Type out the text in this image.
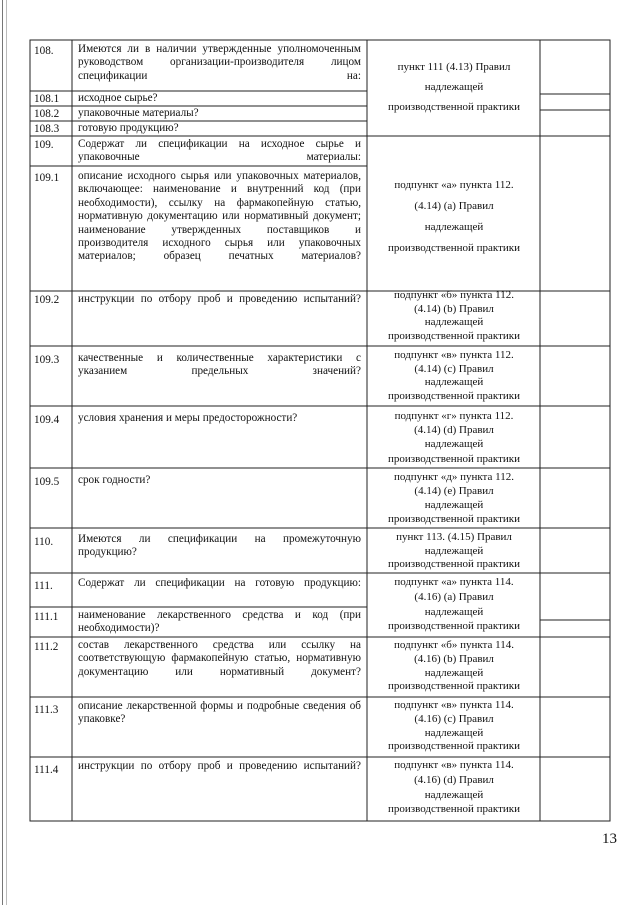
108.
108.1
108.2
108.3
109.
109.1
109.2
109.3
109.4
109.5
110.
111.
111.1
111.2
111.3
111.4
Имеются ли в наличии утвержденные уполномоченным руководством организации-производителя лицом спецификации на:
исходное сырье?
упаковочные материалы?
готовую продукцию?
Содержат ли спецификации на исходное сырье и упаковочные материалы:
описание исходного сырья или упаковочных материалов, включающее: наименование и внутренний код (при необходимости), ссылку на фармакопейную статью, нормативную документацию или нормативный документ; наименование утвержденных поставщиков и производителя исходного сырья или упаковочных материалов; образец печатных материалов?
инструкции по отбору проб и проведению испытаний?
качественные и количественные характеристики с указанием предельных значений?
условия хранения и меры предосторожности?
срок годности?
Имеются ли спецификации на промежуточную продукцию?
Содержат ли спецификации на готовую продукцию:
наименование лекарственного средства и код (при необходимости)?
состав лекарственного средства или ссылку на соответствующую фармакопейную статью, нормативную документацию или нормативный документ?
описание лекарственной формы и подробные сведения об упаковке?
инструкции по отбору проб и проведению испытаний?
пункт 111 (4.13) Правил
надлежащей
производственной практики
подпункт «а» пункта 112.
(4.14) (a) Правил
надлежащей
производственной практики
подпункт «б» пункта 112.
(4.14) (b) Правил
надлежащей
производственной практики
подпункт «в» пункта 112.
(4.14) (c) Правил
надлежащей
производственной практики
подпункт «г» пункта 112.
(4.14) (d) Правил
надлежащей
производственной практики
подпункт «д» пункта 112.
(4.14) (e) Правил
надлежащей
производственной практики
пункт 113. (4.15) Правил
надлежащей
производственной практики
подпункт «а» пункта 114.
(4.16) (a) Правил
надлежащей
производственной практики
подпункт «б» пункта 114.
(4.16) (b) Правил
надлежащей
производственной практики
подпункт «в» пункта 114.
(4.16) (c) Правил
надлежащей
производственной практики
подпункт «в» пункта 114.
(4.16) (d) Правил
надлежащей
производственной практики
13
